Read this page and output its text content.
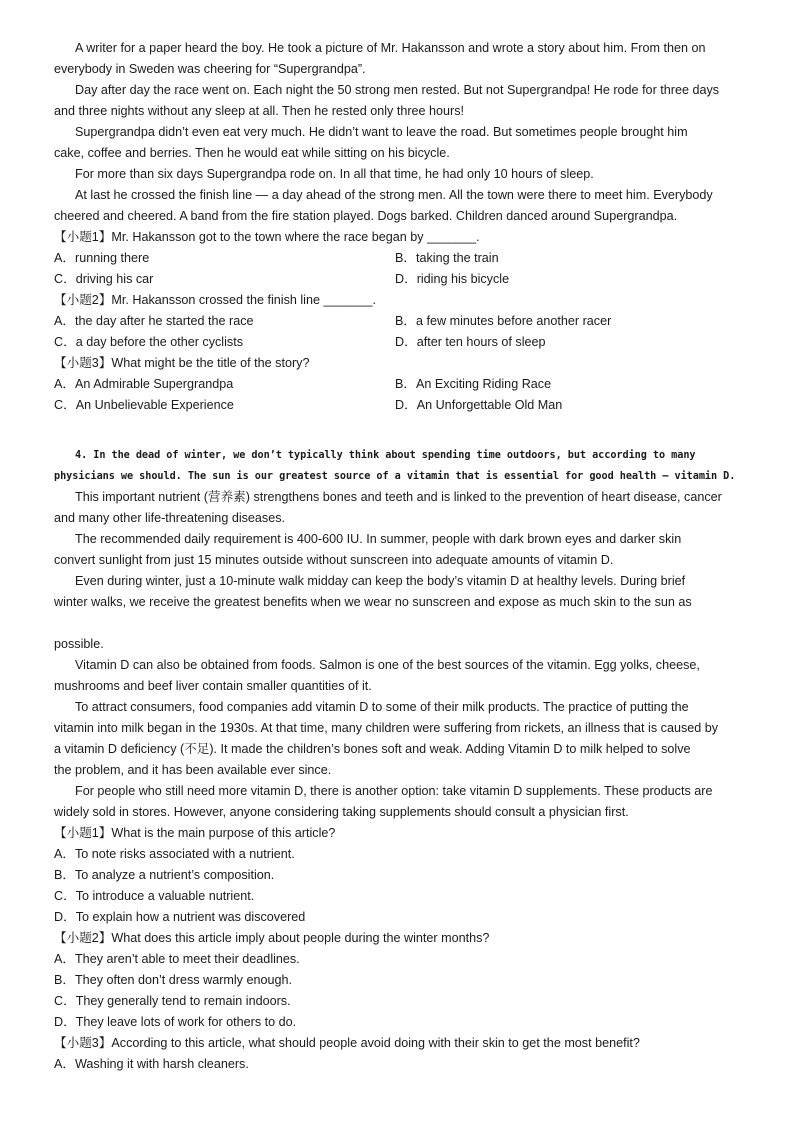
A writer for a paper heard the boy. He took a picture of Mr. Hakansson and wrote a story about him. From then on

everybody in Sweden was cheering for “Supergrandpa”.

Day after day the race went on. Each night the 50 strong men rested. But not Supergrandpa! He rode for three days

and three nights without any sleep at all. Then he rested only three hours!

Supergrandpa didn’t even eat very much. He didn’t want to leave the road. But sometimes people brought him

cake, coffee and berries. Then he would eat while sitting on his bicycle.

For more than six days Supergrandpa rode on. In all that time, he had only 10 hours of sleep.

At last he crossed the finish line — a day ahead of the strong men. All the town were there to meet him. Everybody

cheered and cheered. A band from the fire station played. Dogs barked. Children danced around Supergrandpa.

【小题1】Mr. Hakansson got to the town where the race began by _______.

A．running there	B．taking the train
C．driving his car	D．riding his bicycle

【小题2】Mr. Hakansson crossed the finish line _______.

A．the day after he started the race	B．a few minutes before another racer
C．a day before the other cyclists	D．after ten hours of sleep

【小题3】What might be the title of the story?

A．An Admirable Supergrandpa	B．An Exciting Riding Race
C．An Unbelievable Experience	D．An Unforgettable Old Man

4. In the dead of winter, we don’t typically think about spending time outdoors, but according to many

physicians we should. The sun is our greatest source of a vitamin that is essential for good health — vitamin D.

This important nutrient (营养素) strengthens bones and teeth and is linked to the prevention of heart disease, cancer

and many other life-threatening diseases.

The recommended daily requirement is 400-600 IU. In summer, people with dark brown eyes and darker skin

convert sunlight from just 15 minutes outside without sunscreen into adequate amounts of vitamin D.

Even during winter, just a 10-minute walk midday can keep the body’s vitamin D at healthy levels. During brief

winter walks, we receive the greatest benefits when we wear no sunscreen and expose as much skin to the sun as

possible.

Vitamin D can also be obtained from foods. Salmon is one of the best sources of the vitamin. Egg yolks, cheese,

mushrooms and beef liver contain smaller quantities of it.

To attract consumers, food companies add vitamin D to some of their milk products. The practice of putting the

vitamin into milk began in the 1930s. At that time, many children were suffering from rickets, an illness that is caused by

a vitamin D deficiency (不足). It made the children’s bones soft and weak. Adding Vitamin D to milk helped to solve

the problem, and it has been available ever since.

For people who still need more vitamin D, there is another option: take vitamin D supplements. These products are

widely sold in stores. However, anyone considering taking supplements should consult a physician first.

【小题1】What is the main purpose of this article?

A．To note risks associated with a nutrient.

B．To analyze a nutrient’s composition.

C．To introduce a valuable nutrient.

D．To explain how a nutrient was discovered

【小题2】What does this article imply about people during the winter months?

A．They aren’t able to meet their deadlines.

B．They often don’t dress warmly enough.

C．They generally tend to remain indoors.

D．They leave lots of work for others to do.

【小题3】According to this article, what should people avoid doing with their skin to get the most benefit?

A．Washing it with harsh cleaners.
